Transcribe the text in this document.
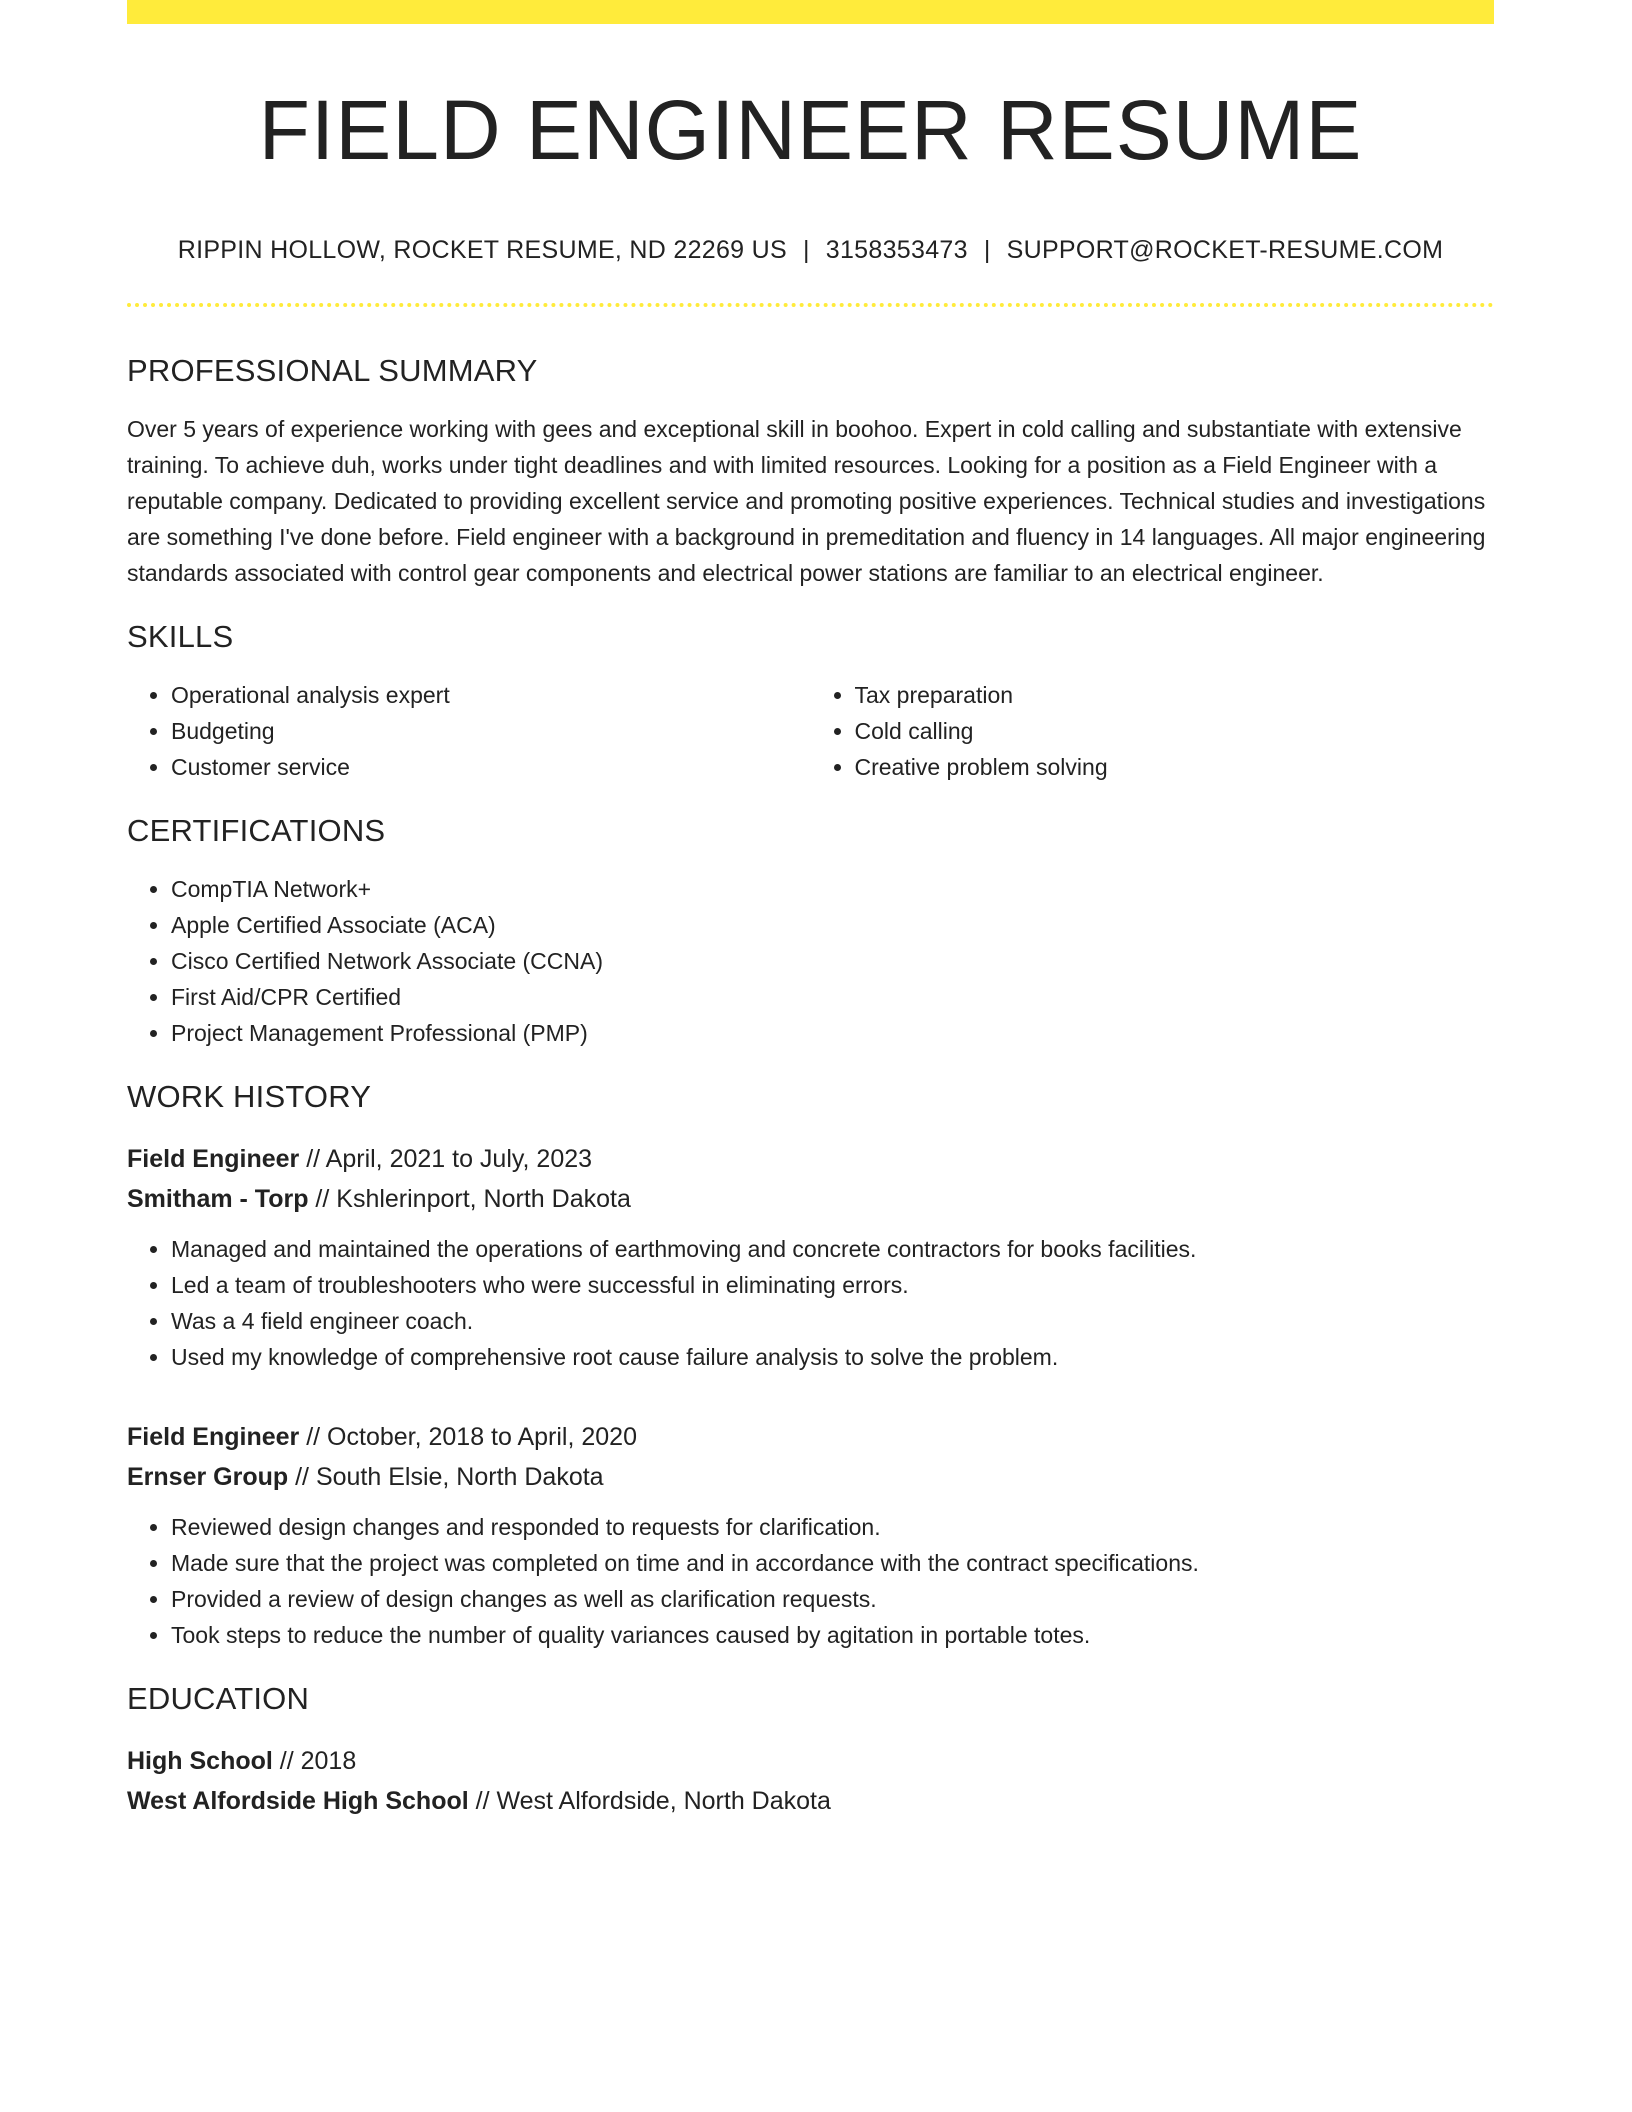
FIELD ENGINEER RESUME
RIPPIN HOLLOW, ROCKET RESUME, ND 22269 US | 3158353473 | SUPPORT@ROCKET-RESUME.COM
PROFESSIONAL SUMMARY

Over 5 years of experience working with gees and exceptional skill in boohoo. Expert in cold calling and substantiate with extensive training. To achieve duh, works under tight deadlines and with limited resources. Looking for a position as a Field Engineer with a reputable company. Dedicated to providing excellent service and promoting positive experiences. Technical studies and investigations are something I've done before. Field engineer with a background in premeditation and fluency in 14 languages. All major engineering standards associated with control gear components and electrical power stations are familiar to an electrical engineer.

SKILLS
• Operational analysis expert
• Budgeting
• Customer service
• Tax preparation
• Cold calling
• Creative problem solving
CERTIFICATIONS
• CompTIA Network+
• Apple Certified Associate (ACA)
• Cisco Certified Network Associate (CCNA)
• First Aid/CPR Certified
• Project Management Professional (PMP)
WORK HISTORY
Field Engineer // April, 2021 to July, 2023
Smitham - Torp // Kshlerinport, North Dakota
• Managed and maintained the operations of earthmoving and concrete contractors for books facilities.
• Led a team of troubleshooters who were successful in eliminating errors.
• Was a 4 field engineer coach.
• Used my knowledge of comprehensive root cause failure analysis to solve the problem.
Field Engineer // October, 2018 to April, 2020
Ernser Group // South Elsie, North Dakota
• Reviewed design changes and responded to requests for clarification.
• Made sure that the project was completed on time and in accordance with the contract specifications.
• Provided a review of design changes as well as clarification requests.
• Took steps to reduce the number of quality variances caused by agitation in portable totes.
EDUCATION
High School // 2018
West Alfordside High School // West Alfordside, North Dakota
